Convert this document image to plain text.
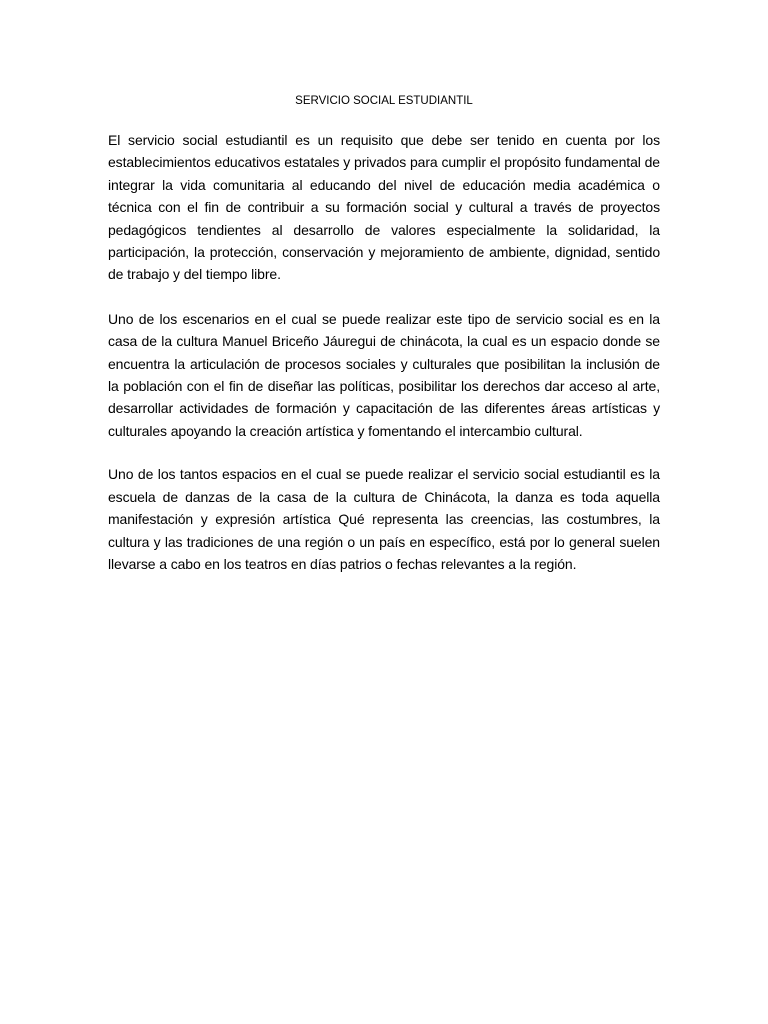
SERVICIO SOCIAL ESTUDIANTIL

El servicio social estudiantil es un requisito que debe ser tenido en cuenta por los establecimientos educativos estatales y privados para cumplir el propósito fundamental de integrar la vida comunitaria al educando del nivel de educación media académica o técnica con el fin de contribuir a su formación social y cultural a través de proyectos pedagógicos tendientes al desarrollo de valores especialmente la solidaridad, la participación, la protección, conservación y mejoramiento de ambiente, dignidad, sentido de trabajo y del tiempo libre.

Uno de los escenarios en el cual se puede realizar este tipo de servicio social es en la casa de la cultura Manuel Briceño Jáuregui de chinácota, la cual es un espacio donde se encuentra la articulación de procesos sociales y culturales que posibilitan la inclusión de la población con el fin de diseñar las políticas, posibilitar los derechos dar acceso al arte, desarrollar actividades de formación y capacitación de las diferentes áreas artísticas y culturales apoyando la creación artística y fomentando el intercambio cultural.

Uno de los tantos espacios en el cual se puede realizar el servicio social estudiantil es la escuela de danzas de la casa de la cultura de Chinácota, la danza es toda aquella manifestación y expresión artística Qué representa las creencias, las costumbres, la cultura y las tradiciones de una región o un país en específico, está por lo general suelen llevarse a cabo en los teatros en días patrios o fechas relevantes a la región.
